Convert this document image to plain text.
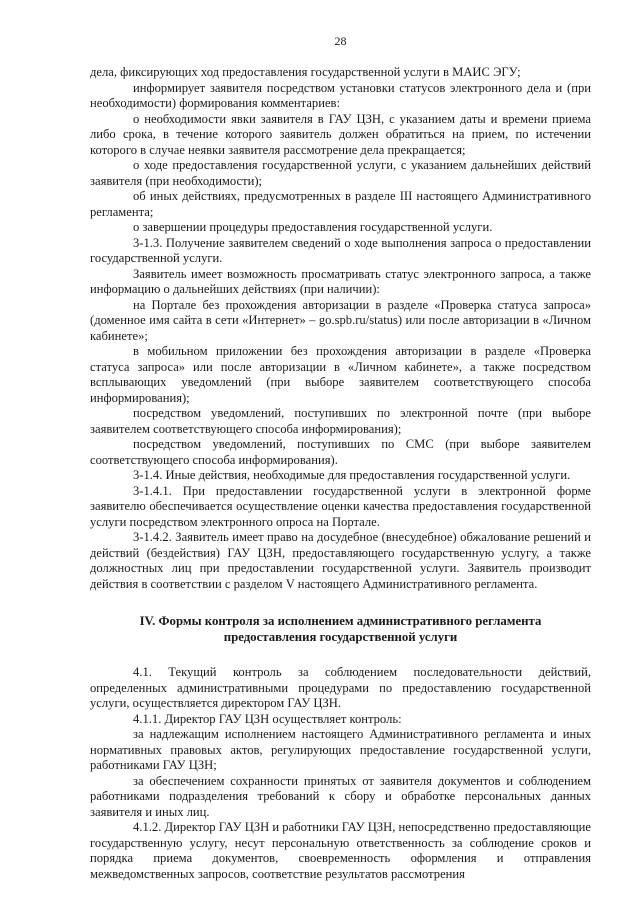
28

дела, фиксирующих ход предоставления государственной услуги в МАИС ЭГУ;

информирует заявителя посредством установки статусов электронного дела и (при необходимости) формирования комментариев:

о необходимости явки заявителя в ГАУ ЦЗН, с указанием даты и времени приема либо срока, в течение которого заявитель должен обратиться на прием, по истечении которого в случае неявки заявителя рассмотрение дела прекращается;

о ходе предоставления государственной услуги, с указанием дальнейших действий заявителя (при необходимости);

об иных действиях, предусмотренных в разделе III настоящего Административного регламента;

о завершении процедуры предоставления государственной услуги.

3-1.3. Получение заявителем сведений о ходе выполнения запроса о предоставлении государственной услуги.

Заявитель имеет возможность просматривать статус электронного запроса, а также информацию о дальнейших действиях (при наличии):

на Портале без прохождения авторизации в разделе «Проверка статуса запроса» (доменное имя сайта в сети «Интернет» – go.spb.ru/status) или после авторизации в «Личном кабинете»;

в мобильном приложении без прохождения авторизации в разделе «Проверка статуса запроса» или после авторизации в «Личном кабинете», а также посредством всплывающих уведомлений (при выборе заявителем соответствующего способа информирования);

посредством уведомлений, поступивших по электронной почте (при выборе заявителем соответствующего способа информирования);

посредством уведомлений, поступивших по СМС (при выборе заявителем соответствующего способа информирования).

3-1.4. Иные действия, необходимые для предоставления государственной услуги.

3-1.4.1. При предоставлении государственной услуги в электронной форме заявителю обеспечивается осуществление оценки качества предоставления государственной услуги посредством электронного опроса на Портале.

3-1.4.2. Заявитель имеет право на досудебное (внесудебное) обжалование решений и действий (бездействия) ГАУ ЦЗН, предоставляющего государственную услугу, а также должностных лиц при предоставлении государственной услуги. Заявитель производит действия в соответствии с разделом V настоящего Административного регламента.

IV. Формы контроля за исполнением административного регламента
предоставления государственной услуги

4.1. Текущий контроль за соблюдением последовательности действий, определенных административными процедурами по предоставлению государственной услуги, осуществляется директором ГАУ ЦЗН.

4.1.1. Директор ГАУ ЦЗН осуществляет контроль:

за надлежащим исполнением настоящего Административного регламента и иных нормативных правовых актов, регулирующих предоставление государственной услуги, работниками ГАУ ЦЗН;

за обеспечением сохранности принятых от заявителя документов и соблюдением работниками подразделения требований к сбору и обработке персональных данных заявителя и иных лиц.

4.1.2. Директор ГАУ ЦЗН и работники ГАУ ЦЗН, непосредственно предоставляющие государственную услугу, несут персональную ответственность за соблюдение сроков и порядка приема документов, своевременность оформления и отправления межведомственных запросов, соответствие результатов рассмотрения
